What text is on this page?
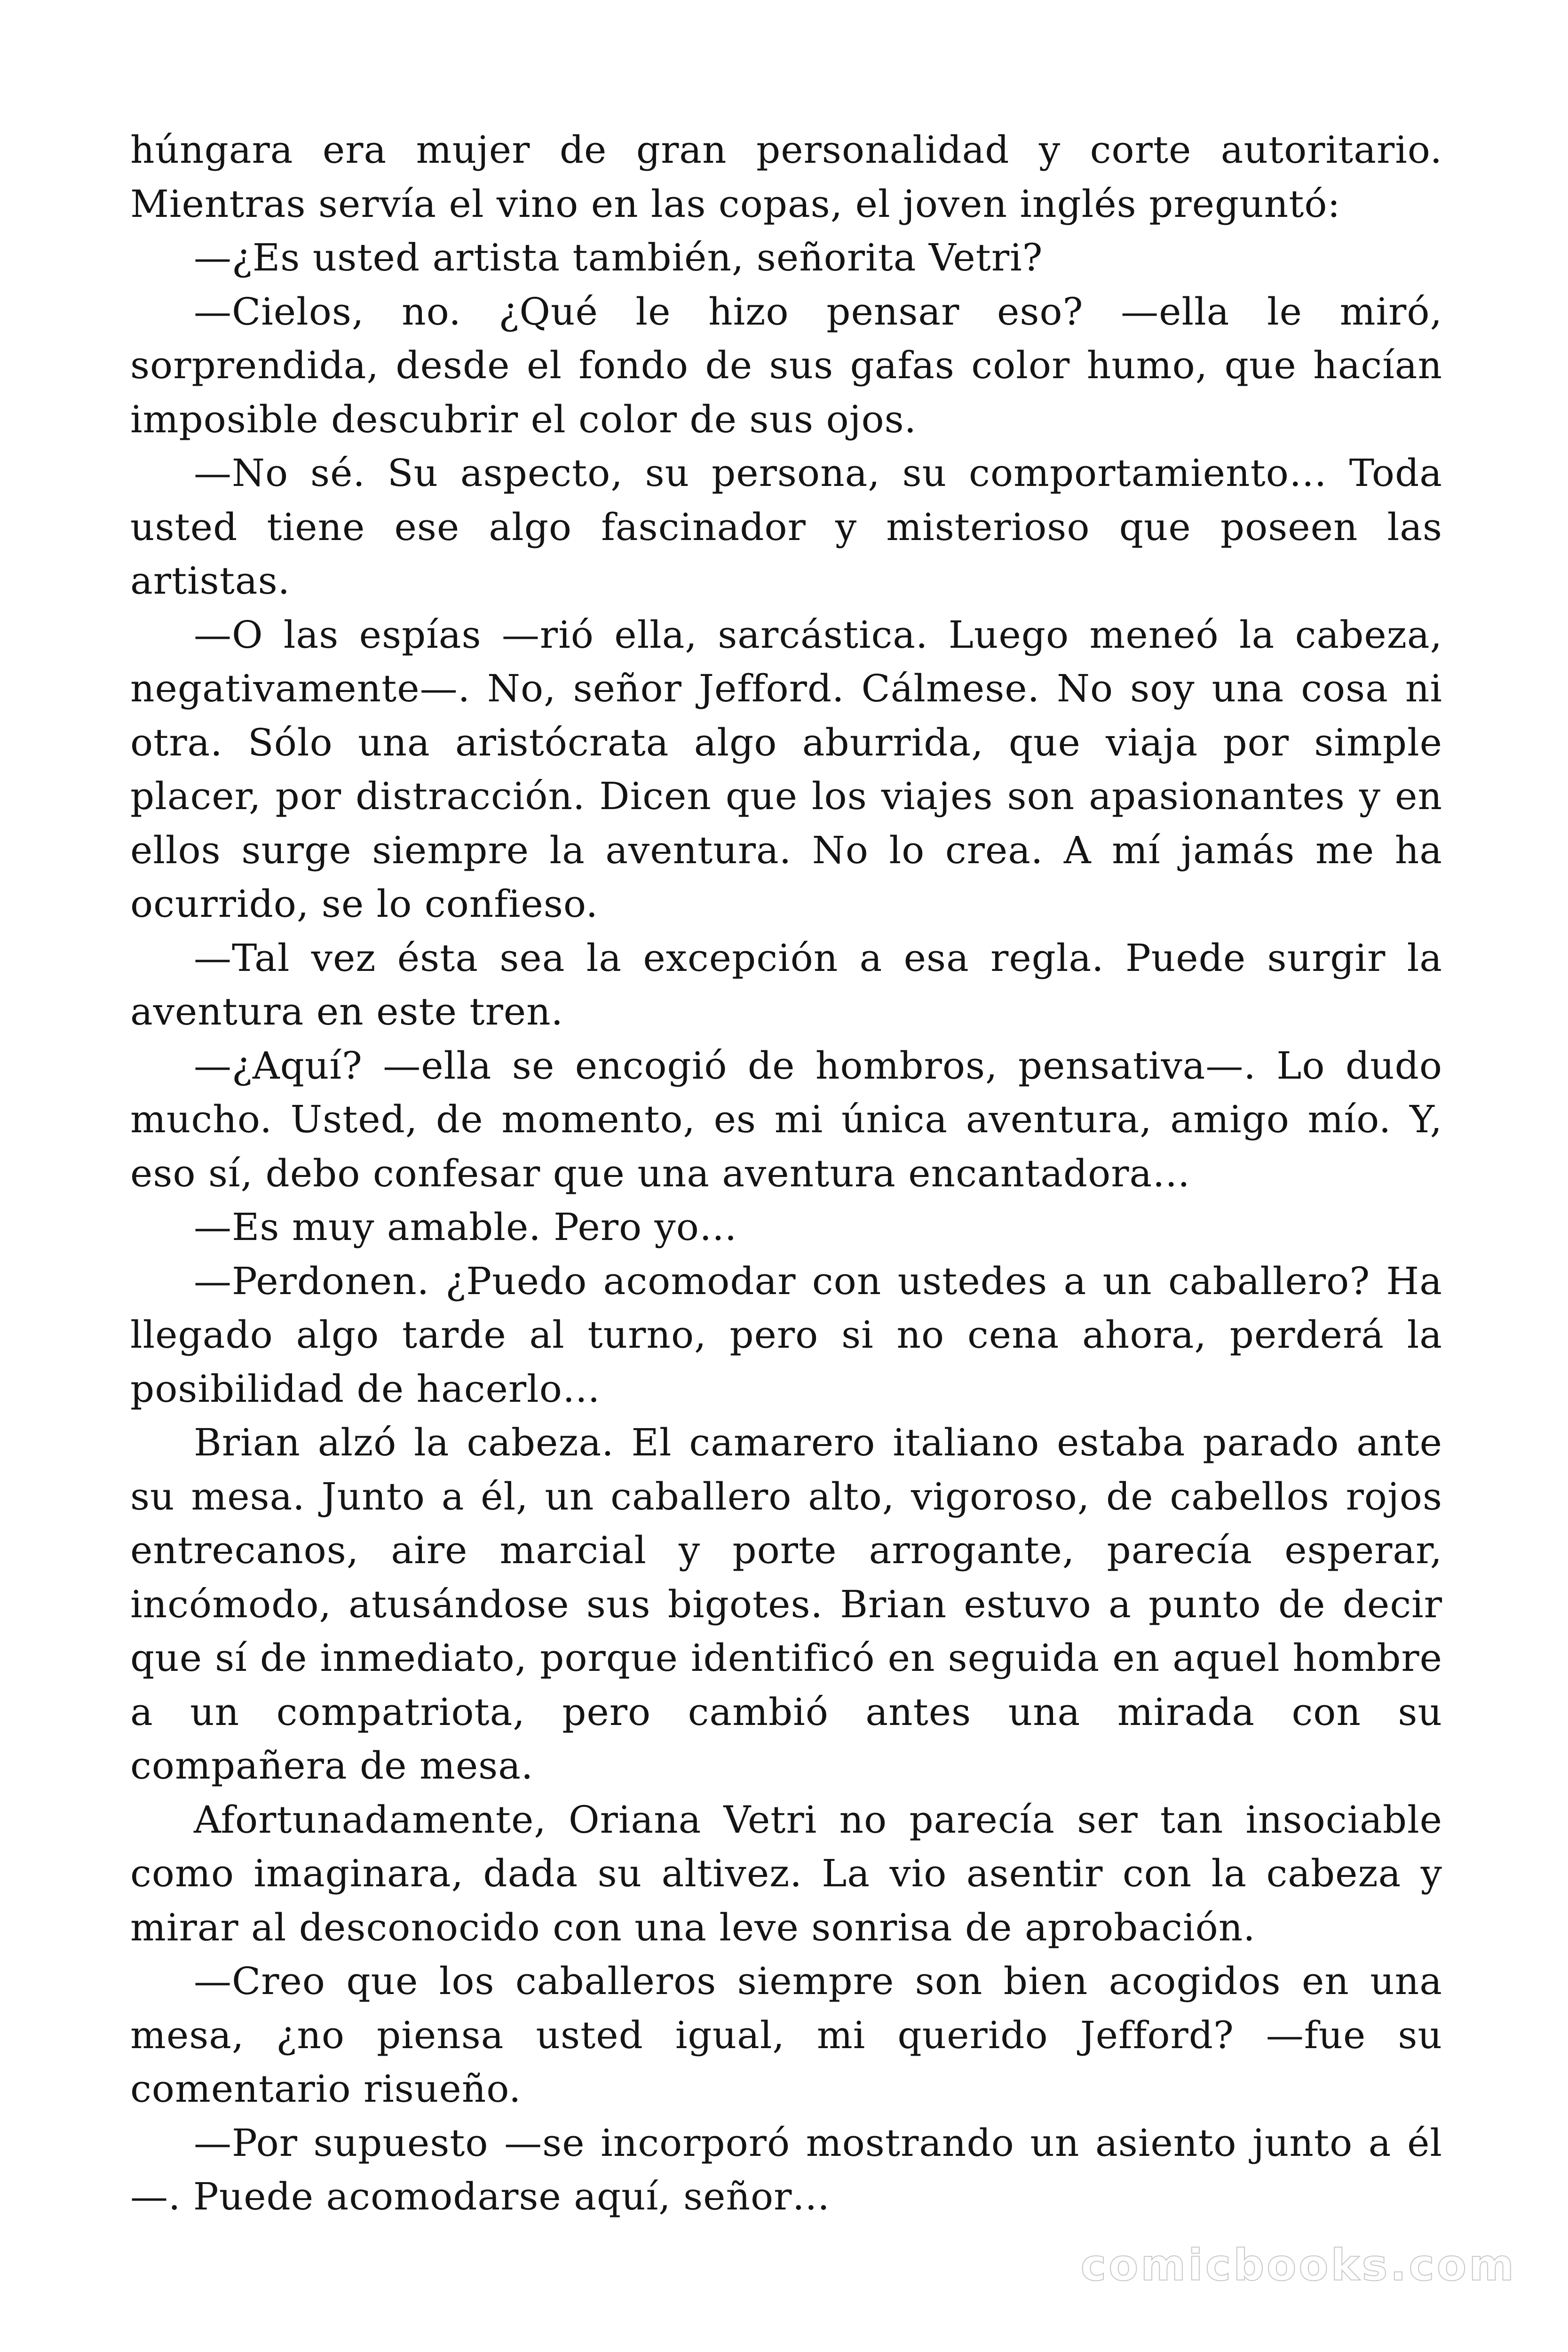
húngara era mujer de gran personalidad y corte autoritario. Mientras servía el vino en las copas, el joven inglés preguntó:

—¿Es usted artista también, señorita Vetri?

—Cielos, no. ¿Qué le hizo pensar eso? —ella le miró, sorprendida, desde el fondo de sus gafas color humo, que hacían imposible descubrir el color de sus ojos.

—No sé. Su aspecto, su persona, su comportamiento… Toda usted tiene ese algo fascinador y misterioso que poseen las artistas.

—O las espías —rió ella, sarcástica. Luego meneó la cabeza, negativamente—. No, señor Jefford. Cálmese. No soy una cosa ni otra. Sólo una aristócrata algo aburrida, que viaja por simple placer, por distracción. Dicen que los viajes son apasionantes y en ellos surge siempre la aventura. No lo crea. A mí jamás me ha ocurrido, se lo confieso.

—Tal vez ésta sea la excepción a esa regla. Puede surgir la aventura en este tren.

—¿Aquí? —ella se encogió de hombros, pensativa—. Lo dudo mucho. Usted, de momento, es mi única aventura, amigo mío. Y, eso sí, debo confesar que una aventura encantadora…

—Es muy amable. Pero yo…

—Perdonen. ¿Puedo acomodar con ustedes a un caballero? Ha llegado algo tarde al turno, pero si no cena ahora, perderá la posibilidad de hacerlo…

Brian alzó la cabeza. El camarero italiano estaba parado ante su mesa. Junto a él, un caballero alto, vigoroso, de cabellos rojos entrecanos, aire marcial y porte arrogante, parecía esperar, incómodo, atusándose sus bigotes. Brian estuvo a punto de decir que sí de inmediato, porque identificó en seguida en aquel hombre a un compatriota, pero cambió antes una mirada con su compañera de mesa.

Afortunadamente, Oriana Vetri no parecía ser tan insociable como imaginara, dada su altivez. La vio asentir con la cabeza y mirar al desconocido con una leve sonrisa de aprobación.

—Creo que los caballeros siempre son bien acogidos en una mesa, ¿no piensa usted igual, mi querido Jefford? —fue su comentario risueño.

—Por supuesto —se incorporó mostrando un asiento junto a él —. Puede acomodarse aquí, señor…

comicbooks.com
